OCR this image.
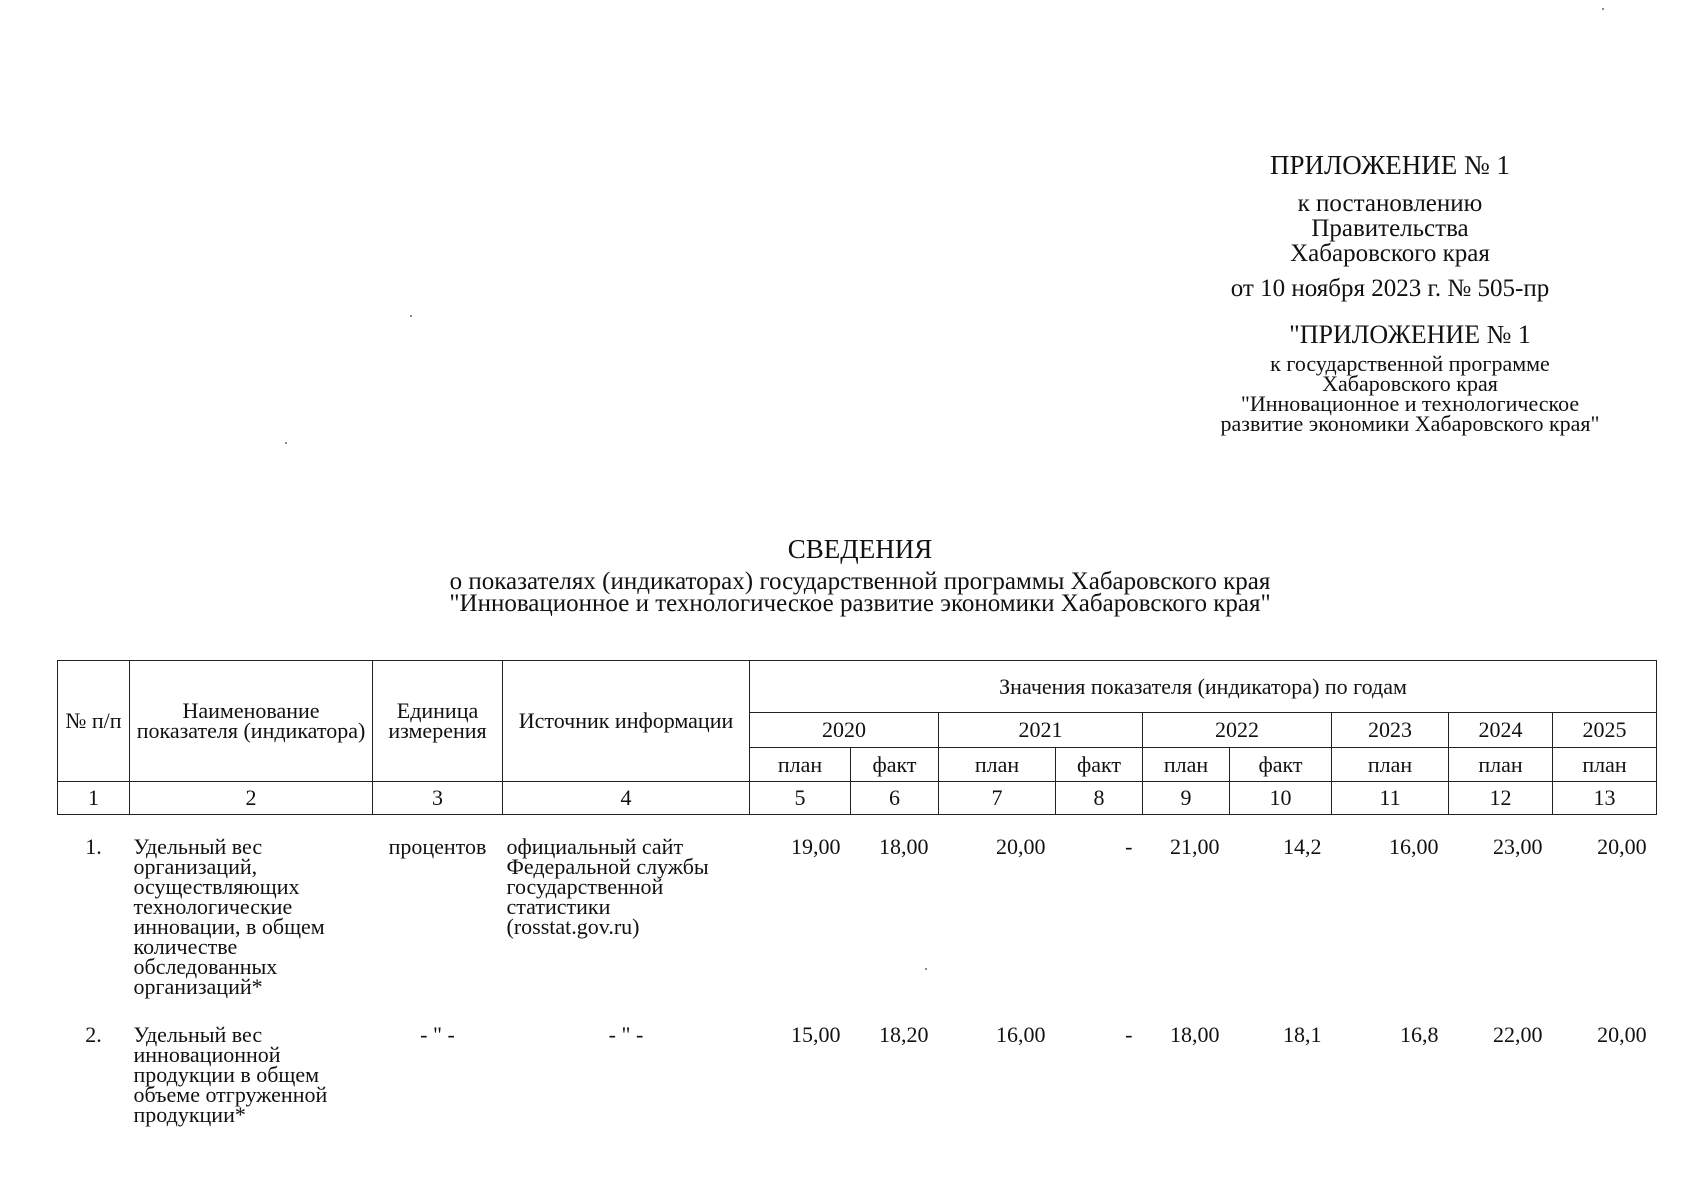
ПРИЛОЖЕНИЕ № 1
к постановлению
Правительства
Хабаровского края
от 10 ноября 2023 г. № 505-пр
"ПРИЛОЖЕНИЕ № 1
к государственной программе
Хабаровского края
"Инновационное и технологическое
развитие экономики Хабаровского края"
СВЕДЕНИЯ
о показателях (индикаторах) государственной программы Хабаровского края
"Инновационное и технологическое развитие экономики Хабаровского края"
№ п/п	Наименование показателя (индикатора)	Единица измерения	Источник информации	Значения показателя (индикатора) по годам								
				2020		2021		2022		2023	2024	2025
				план	факт	план	факт	план	факт	план	план	план
1	2	3	4	5	6	7	8	9	10	11	12	13

1.	Удельный вес организаций, осуществляющих технологические инновации, в общем количестве обследованных организаций*	процентов	официальный сайт Федеральной службы государственной статистики (rosstat.gov.ru)	19,00	18,00	20,00	-	21,00	14,2	16,00	23,00	20,00

2.	Удельный вес инновационной продукции в общем объеме отгруженной продукции*	- " -	- " -	15,00	18,20	16,00	-	18,00	18,1	16,8	22,00	20,00
